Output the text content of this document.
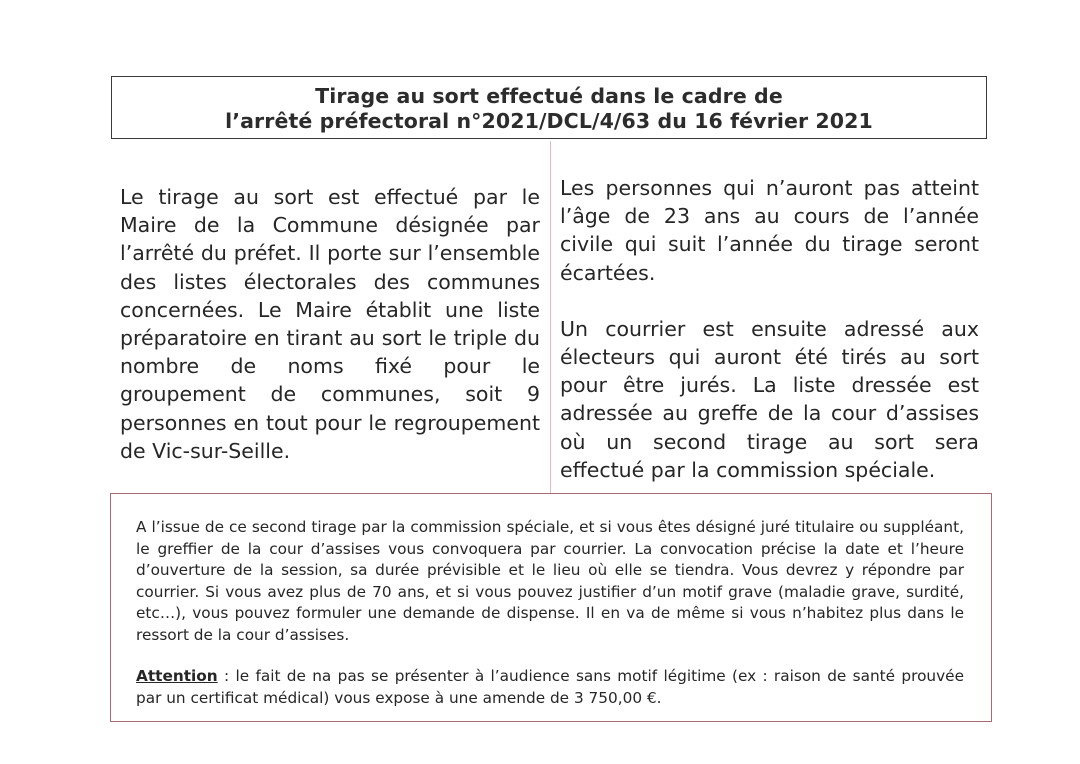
Tirage au sort effectué dans le cadre de
l’arrêté préfectoral n°2021/DCL/4/63 du 16 février 2021

Le tirage au sort est effectué par le Maire de la Commune désignée par l’arrêté du préfet. Il porte sur l’ensemble des listes électorales des communes concernées. Le Maire établit une liste préparatoire en tirant au sort le triple du nombre de noms fixé pour le groupement de communes, soit 9 personnes en tout pour le regroupement de Vic-sur-Seille.

Les personnes qui n’auront pas atteint l’âge de 23 ans au cours de l’année civile qui suit l’année du tirage seront écartées.

Un courrier est ensuite adressé aux électeurs qui auront été tirés au sort pour être jurés. La liste dressée est adressée au greffe de la cour d’assises où un second tirage au sort sera effectué par la commission spéciale.

A l’issue de ce second tirage par la commission spéciale, et si vous êtes désigné juré titulaire ou suppléant, le greffier de la cour d’assises vous convoquera par courrier. La convocation précise la date et l’heure d’ouverture de la session, sa durée prévisible et le lieu où elle se tiendra. Vous devrez y répondre par courrier. Si vous avez plus de 70 ans, et si vous pouvez justifier d’un motif grave (maladie grave, surdité, etc…), vous pouvez formuler une demande de dispense. Il en va de même si vous n’habitez plus dans le ressort de la cour d’assises.

Attention : le fait de na pas se présenter à l’audience sans motif légitime (ex : raison de santé prouvée par un certificat médical) vous expose à une amende de 3 750,00 €.
